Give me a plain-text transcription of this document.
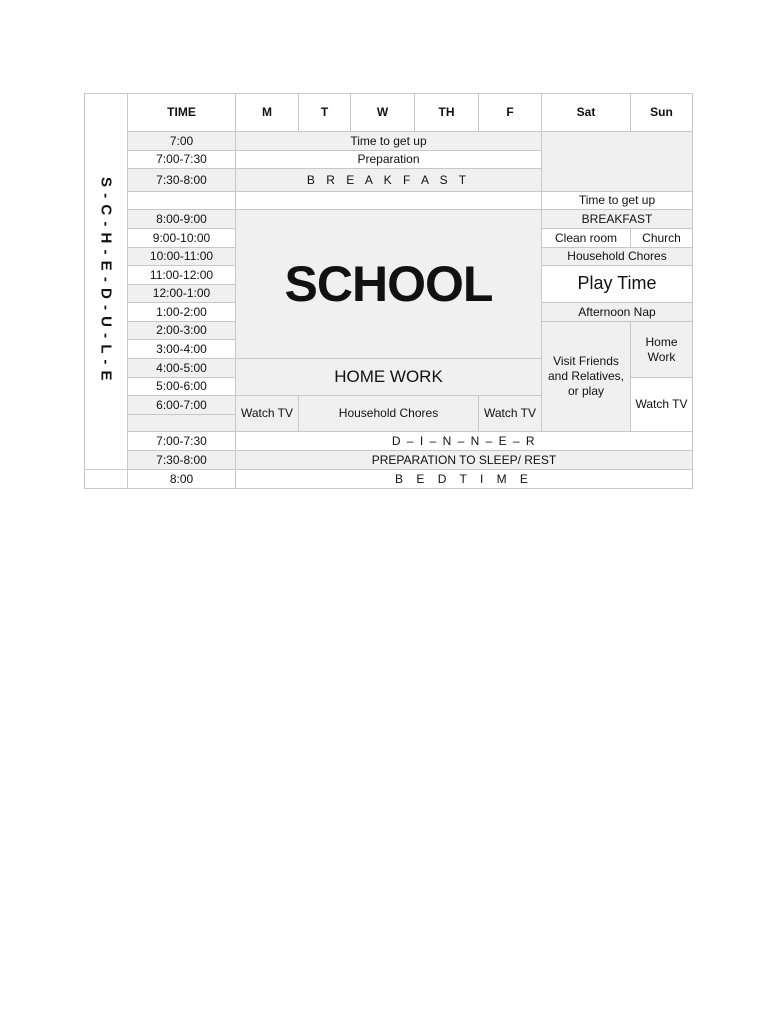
S - C - H - E - D - U - L - E	TIME	M	T	W	TH	F	Sat	Sun
	7:00	Time to get up						
	7:00-7:30	Preparation						
	7:30-8:00	B R E A K F A S T						
							Time to get up	
	8:00-9:00	SCHOOL					BREAKFAST	
	9:00-10:00						Clean room	Church
	10:00-11:00						Household Chores	
	11:00-12:00						Play Time	
	12:00-1:00							
	1:00-2:00						Afternoon Nap	
	2:00-3:00						Visit Friends and Relatives, or play	Home Work
	3:00-4:00							
	4:00-5:00	HOME WORK						
	5:00-6:00							Watch TV
	6:00-7:00	Watch TV	Household Chores			Watch TV		

	7:00-7:30	D – I – N – N – E – R						
	7:30-8:00	PREPARATION TO SLEEP/ REST						
	8:00	B E D T I M E						
